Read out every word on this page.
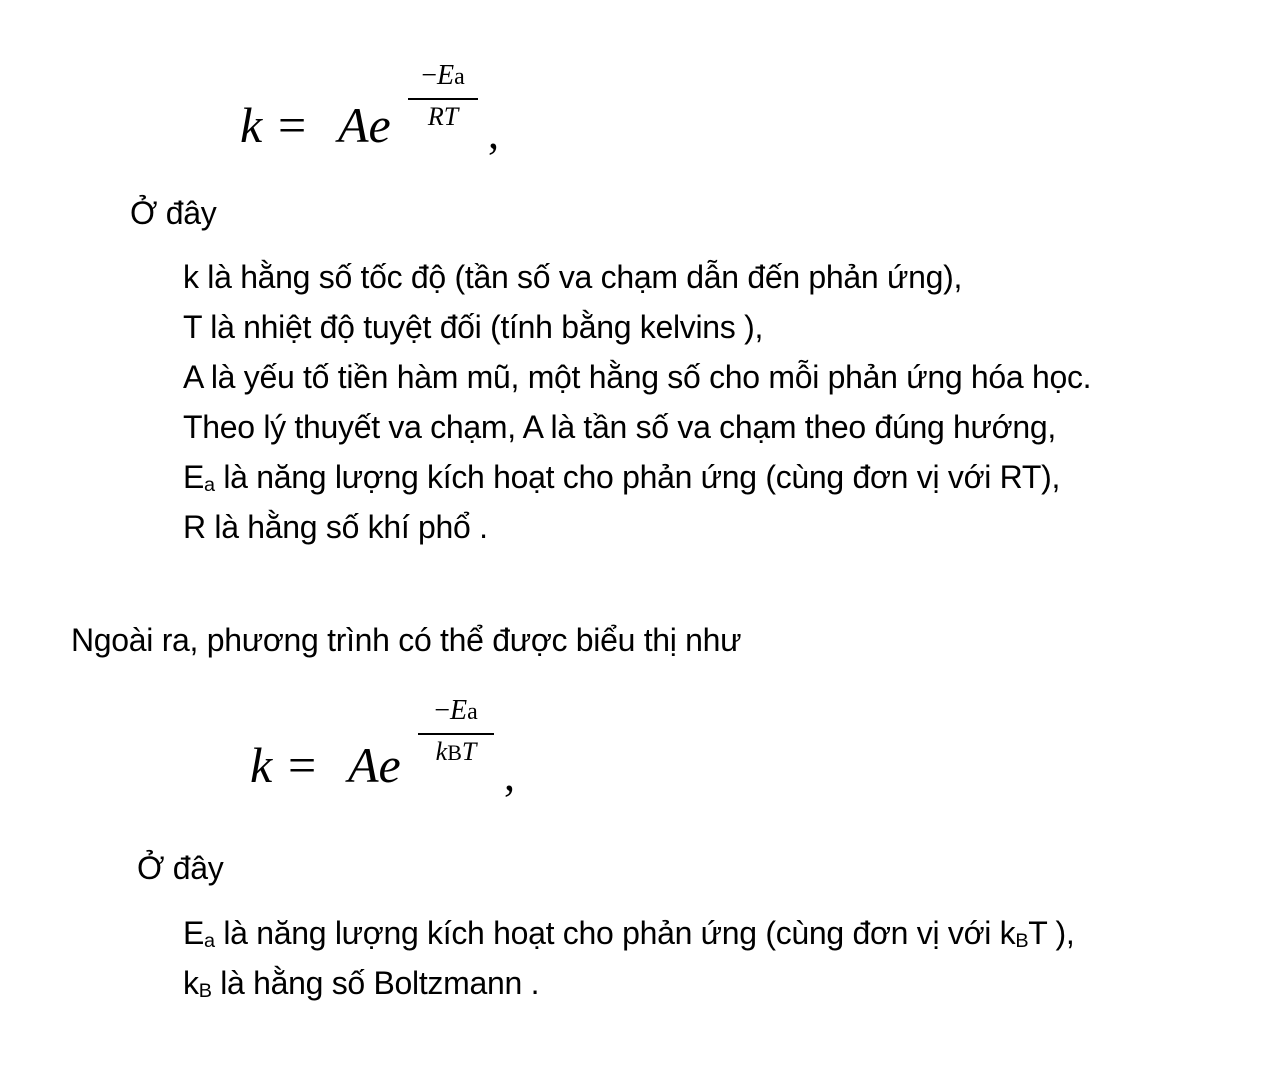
k = Ae
−Ea
RT ,
Ở đây
k là hằng số tốc độ (tần số va chạm dẫn đến phản ứng),
T là nhiệt độ tuyệt đối (tính bằng kelvins ),
A là yếu tố tiền hàm mũ, một hằng số cho mỗi phản ứng hóa học.
Theo lý thuyết va chạm, A là tần số va chạm theo đúng hướng,
$E_a$ là năng lượng kích hoạt cho phản ứng (cùng đơn vị với RT),
R là hằng số khí phổ .
Ngoài ra, phương trình có thể được biểu thị như
k = Ae
−Ea
kBT ,
Ở đây
$E_a$ là năng lượng kích hoạt cho phản ứng (cùng đơn vị với $k_BT$ ),
$k_B$ là hằng số Boltzmann .
